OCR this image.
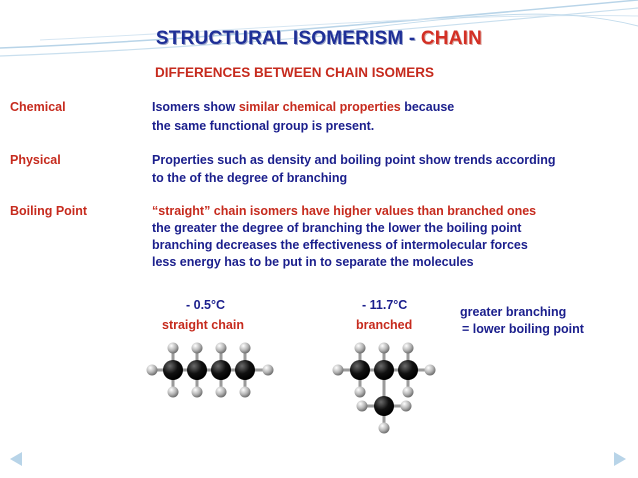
STRUCTURAL ISOMERISM - CHAIN
DIFFERENCES BETWEEN CHAIN ISOMERS
Chemical	Isomers show similar chemical properties because
the same functional group is present.
Physical	Properties such as density and boiling point show trends according
to the of the degree of branching
Boiling Point	“straight” chain isomers have higher values than branched ones
the greater the degree of branching the lower the boiling point
branching decreases the effectiveness of intermolecular forces
less energy has to be put in to separate the molecules
- 0.5°C
straight chain
- 11.7°C
branched
greater branching
= lower boiling point
